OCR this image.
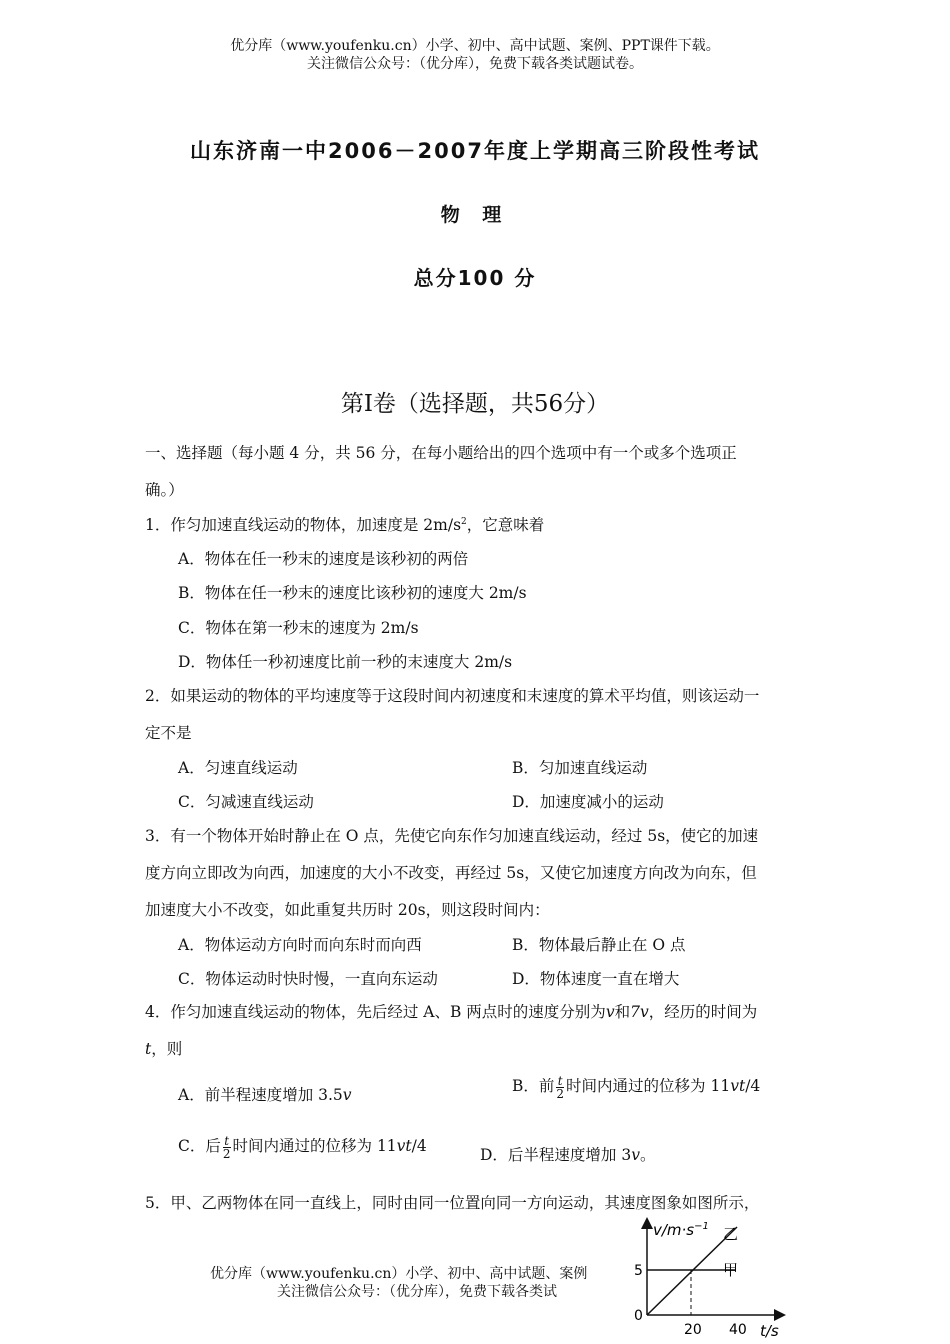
优分库（www.youfenku.cn）小学、初中、高中试题、案例、PPT课件下载。
关注微信公众号：（优分库），免费下载各类试题试卷。
山东济南一中2006－2007年度上学期高三阶段性考试
物 理
总分100 分
第Ⅰ卷（选择题，共56分）
一、选择题（每小题 4 分，共 56 分，在每小题给出的四个选项中有一个或多个选项正
确。）
1．作匀加速直线运动的物体，加速度是 $2m/s^2$，它意味着
A．物体在任一秒末的速度是该秒初的两倍
B．物体在任一秒末的速度比该秒初的速度大 2m/s
C．物体在第一秒末的速度为 2m/s
D．物体任一秒初速度比前一秒的末速度大 2m/s
2．如果运动的物体的平均速度等于这段时间内初速度和末速度的算术平均值，则该运动一
定不是
A．匀速直线运动	B．匀加速直线运动
C．匀减速直线运动	D．加速度减小的运动
3．有一个物体开始时静止在 O 点，先使它向东作匀加速直线运动，经过 5s，使它的加速
度方向立即改为向西，加速度的大小不改变，再经过 5s，又使它加速度方向改为向东，但
加速度大小不改变，如此重复共历时 20s，则这段时间内：
A．物体运动方向时而向东时而向西	B．物体最后静止在 O 点
C．物体运动时快时慢，一直向东运动	D．物体速度一直在增大
4．作匀加速直线运动的物体，先后经过 A、B 两点时的速度分别为v和7v，经历的时间为
t，则
A．前半程速度增加 3.5v	B．前 $\frac{t}{2}$ 时间内通过的位移为 11vt/4
C．后 $\frac{t}{2}$ 时间内通过的位移为 11vt/4	D．后半程速度增加 3v。
5．甲、乙两物体在同一直线上，同时由同一位置向同一方向运动，其速度图象如图所示，
优分库（www.youfenku.cn）小学、初中、高中试题、案例
关注微信公众号：（优分库），免费下载各类试
$v/m\cdot s^{-1}$ 乙
甲
5
0
20 40 t/s
